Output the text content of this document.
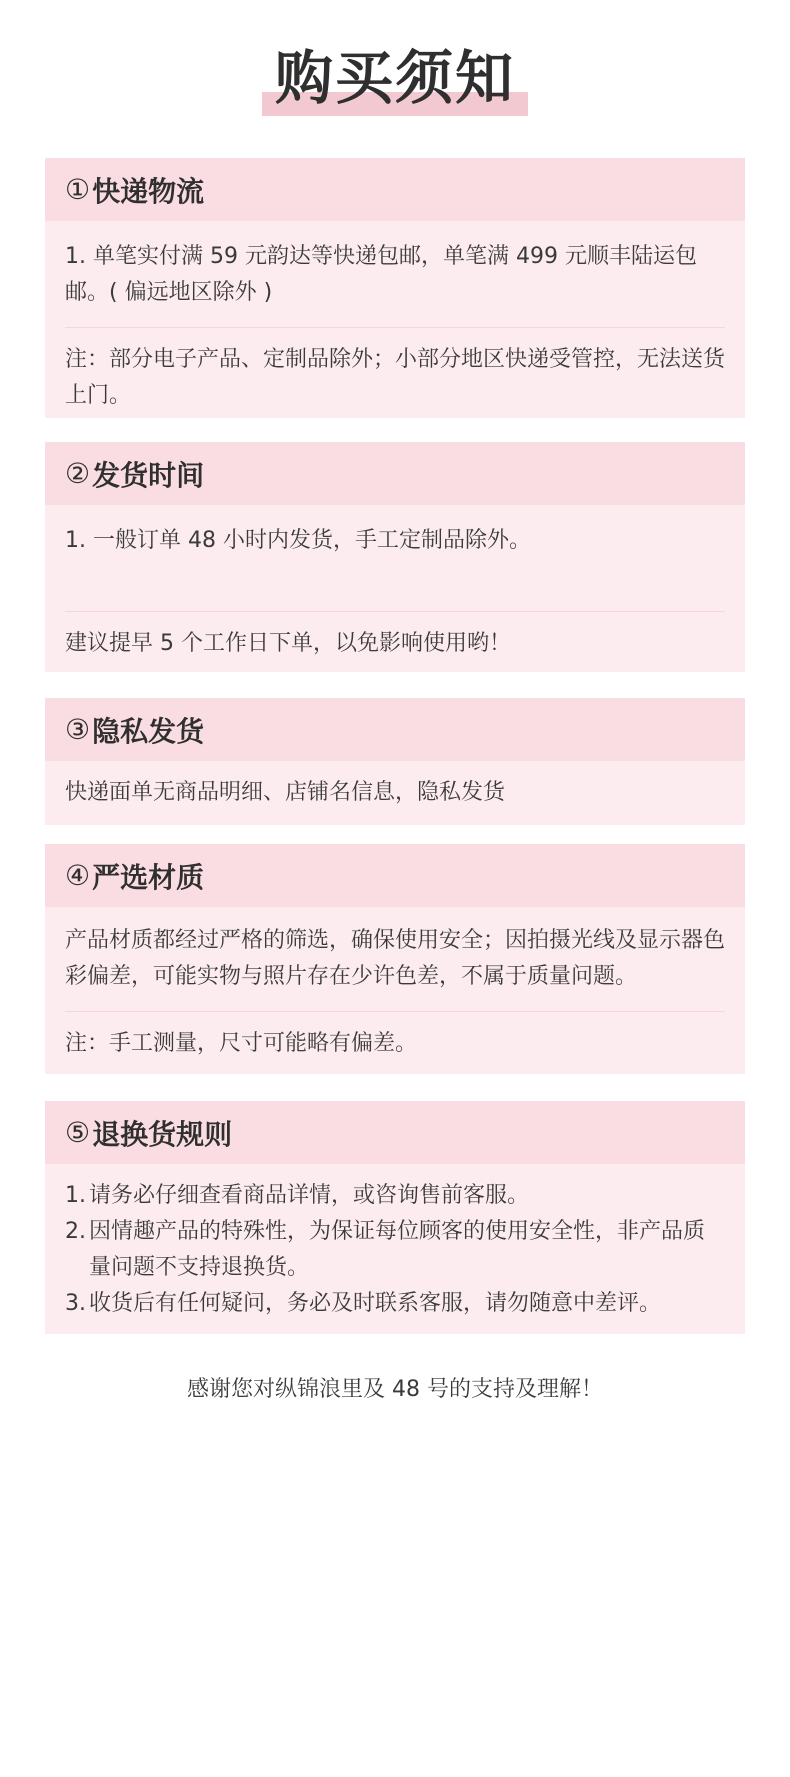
购买须知
① 快递物流

1. 单笔实付满 59 元韵达等快递包邮，单笔满 499 元顺丰陆运包邮。( 偏远地区除外 )

注：部分电子产品、定制品除外；小部分地区快递受管控，无法送货上门。

② 发货时间

1. 一般订单 48 小时内发货，手工定制品除外。

建议提早 5 个工作日下单，以免影响使用哟！

③ 隐私发货

快递面单无商品明细、店铺名信息，隐私发货

④ 严选材质

产品材质都经过严格的筛选，确保使用安全；因拍摄光线及显示器色彩偏差，可能实物与照片存在少许色差，不属于质量问题。

注：手工测量，尺寸可能略有偏差。

⑤ 退换货规则
1. 请务必仔细查看商品详情，或咨询售前客服。
2. 因情趣产品的特殊性，为保证每位顾客的使用安全性，非产品质量问题不支持退换货。
3. 收货后有任何疑问，务必及时联系客服，请勿随意中差评。
感谢您对纵锦浪里及 48 号的支持及理解！
